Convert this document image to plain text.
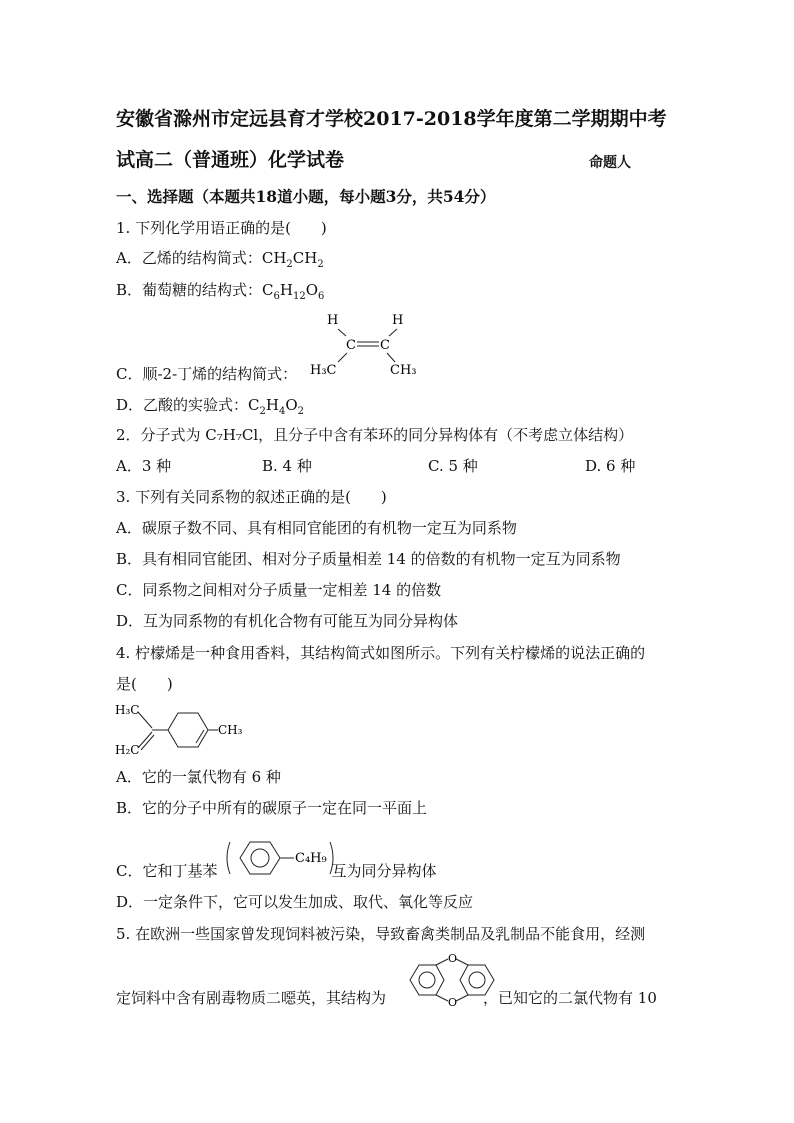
安徽省滁州市定远县育才学校2017-2018学年度第二学期期中考
试高二（普通班）化学试卷	命题人
一、选择题（本题共18道小题，每小题3分，共54分）
1. 下列化学用语正确的是(　　)
A．乙烯的结构简式：$CH_2CH_2$
B．葡萄糖的结构式：$C_6H_{12}O_6$
H	H
C C
H₃C	CH₃
C．顺-2-丁烯的结构简式：
D．乙酸的实验式：$C_2H_4O_2$
2．分子式为 C₇H₇Cl，且分子中含有苯环的同分异构体有（不考虑立体结构）
A．3 种	B. 4 种	C. 5 种	D. 6 种
3. 下列有关同系物的叙述正确的是(　　)
A．碳原子数不同、具有相同官能团的有机物一定互为同系物
B．具有相同官能团、相对分子质量相差 14 的倍数的有机物一定互为同系物
C．同系物之间相对分子质量一定相差 14 的倍数
D．互为同系物的有机化合物有可能互为同分异构体
4. 柠檬烯是一种食用香料，其结构简式如图所示。下列有关柠檬烯的说法正确的
是(　　)
H₃C
H₂C
CH₃
A．它的一氯代物有 6 种
B．它的分子中所有的碳原子一定在同一平面上
C．它和丁基苯	互为同分异构体
C₄H₉
D．一定条件下，它可以发生加成、取代、氧化等反应
5. 在欧洲一些国家曾发现饲料被污染，导致畜禽类制品及乳制品不能食用，经测
定饲料中含有剧毒物质二噁英，其结构为	，已知它的二氯代物有 10
O
O
